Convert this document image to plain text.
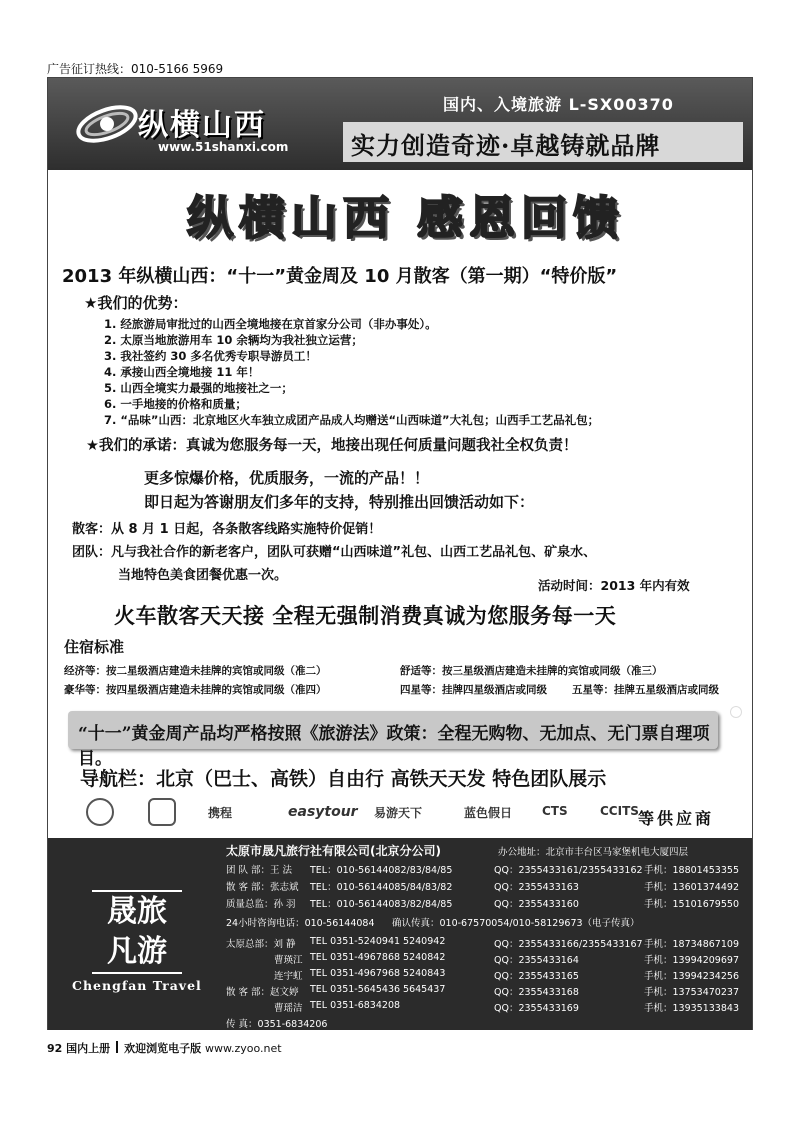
广告征订热线：010-5166 5969
纵横山西
www.51shanxi.com
国内、入境旅游 L-SX00370
实力创造奇迹·卓越铸就品牌
纵横山西 感恩回馈
2013 年纵横山西：“十一”黄金周及 10 月散客（第一期）“特价版”
★我们的优势：
1. 经旅游局审批过的山西全境地接在京首家分公司（非办事处）。
2. 太原当地旅游用车 10 余辆均为我社独立运营；
3. 我社签约 30 多名优秀专职导游员工！
4. 承接山西全境地接 11 年！
5. 山西全境实力最强的地接社之一；
6. 一手地接的价格和质量；
7. “品味”山西：北京地区火车独立成团产品成人均赠送“山西味道”大礼包；山西手工艺品礼包；
★我们的承诺：真诚为您服务每一天，地接出现任何质量问题我社全权负责！
更多惊爆价格，优质服务，一流的产品！！
即日起为答谢朋友们多年的支持，特别推出回馈活动如下：
散客：从 8 月 1 日起，各条散客线路实施特价促销！
团队：凡与我社合作的新老客户，团队可获赠“山西味道”礼包、山西工艺品礼包、矿泉水、
当地特色美食团餐优惠一次。
活动时间：2013 年内有效
火车散客天天接 全程无强制消费真诚为您服务每一天
住宿标准
经济等：按二星级酒店建造未挂牌的宾馆或同级（准二）	舒适等：按三星级酒店建造未挂牌的宾馆或同级（准三）
豪华等：按四星级酒店建造未挂牌的宾馆或同级（准四）	四星等：挂牌四星级酒店或同级 五星等：挂牌五星级酒店或同级
“十一”黄金周产品均严格按照《旅游法》政策：全程无购物、无加点、无门票自理项目。
导航栏：北京（巴士、高铁）自由行 高铁天天发 特色团队展示
携程	easytour 易游天下	蓝色假日 CTS	CCITS 等供应商
晟旅
凡游
Chengfan Travel
太原市晟凡旅行社有限公司(北京分公司)	办公地址：北京市丰台区马家堡机电大厦四层
团 队 部：王 法 TEL：010-56144082/83/84/85	QQ：2355433161/2355433162 手机：18801453355
散 客 部：张志斌 TEL：010-56144085/84/83/82	QQ：2355433163	手机：13601374492
质量总监：孙 羽 TEL：010-56144083/82/84/85	QQ：2355433160	手机：15101679550
24小时咨询电话：010-56144084 确认传真：010-67570054/010-58129673（电子传真）
太原总部：刘 静 TEL 0351-5240941 5240942	QQ：2355433166/2355433167 手机：18734867109
曹瑛江 TEL 0351-4967868 5240842	QQ：2355433164	手机：13994209697
连宇虹 TEL 0351-4967968 5240843	QQ：2355433165	手机：13994234256
散 客 部：赵文婷 TEL 0351-5645436 5645437	QQ：2355433168	手机：13753470237
曹瑶洁 TEL 0351-6834208	QQ：2355433169	手机：13935133843
传 真：0351-6834206
92 国内上册 欢迎浏览电子版 www.zyoo.net
